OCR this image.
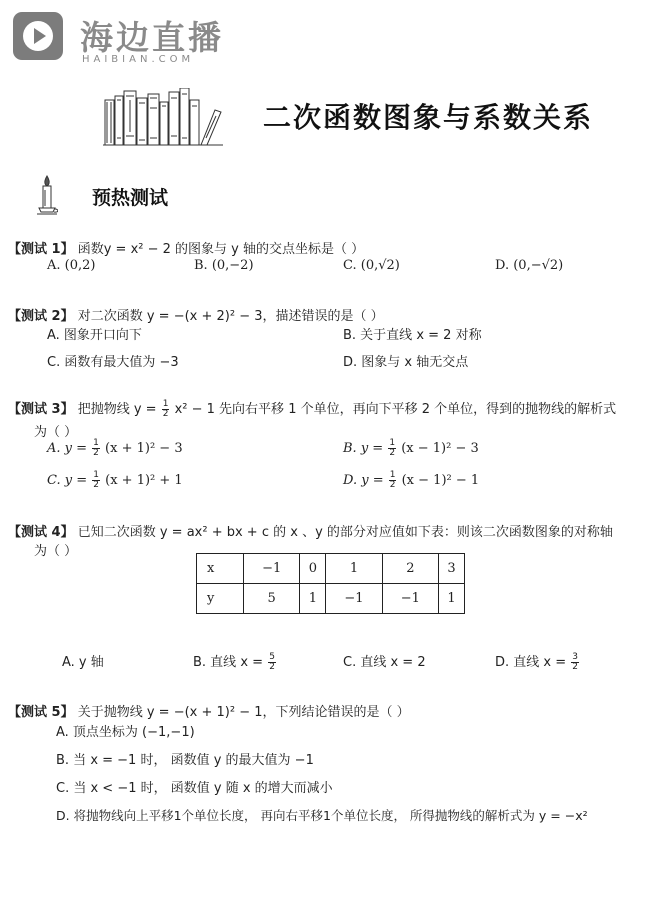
海边直播
HAIBIAN.COM
二次函数图象与系数关系
预热测试
【测试 1】 函数y = x² − 2 的图象与 y 轴的交点坐标是（ ）
A. (0,2)	B. (0,−2)	C. (0,√2)	D. (0,−√2)
【测试 2】 对二次函数 y = −(x + 2)² − 3，描述错误的是（ ）
A. 图象开口向下	B. 关于直线 x = 2 对称
C. 函数有最大值为 −3	D. 图象与 x 轴无交点
【测试 3】 把抛物线 $y = \frac{1}{2} x^2 - 1$ 先向右平移 1 个单位，再向下平移 2 个单位，得到的抛物线的解析式
为（ ）
A. $y = \frac{1}{2} (x + 1)^2 - 3$	B. $y = \frac{1}{2} (x - 1)^2 - 3$
C. $y = \frac{1}{2} (x + 1)^2 + 1$	D. $y = \frac{1}{2} (x - 1)^2 - 1$
【测试 4】 已知二次函数 y = ax² + bx + c 的 x 、y 的部分对应值如下表：则该二次函数图象的对称轴
为（ ）
x	−1	0	1	2	3
y	5	1	−1	−1	1
A. y 轴	B. 直线 $x = \frac{5}{2}$	C. 直线 x = 2	D. 直线 $x = \frac{3}{2}$
【测试 5】 关于抛物线 y = −(x + 1)² − 1，下列结论错误的是（ ）
A. 顶点坐标为 (−1,−1)
B. 当 x = −1 时， 函数值 y 的最大值为 −1
C. 当 x < −1 时， 函数值 y 随 x 的增大而减小
D. 将抛物线向上平移1个单位长度， 再向右平移1个单位长度， 所得抛物线的解析式为 y = −x²
